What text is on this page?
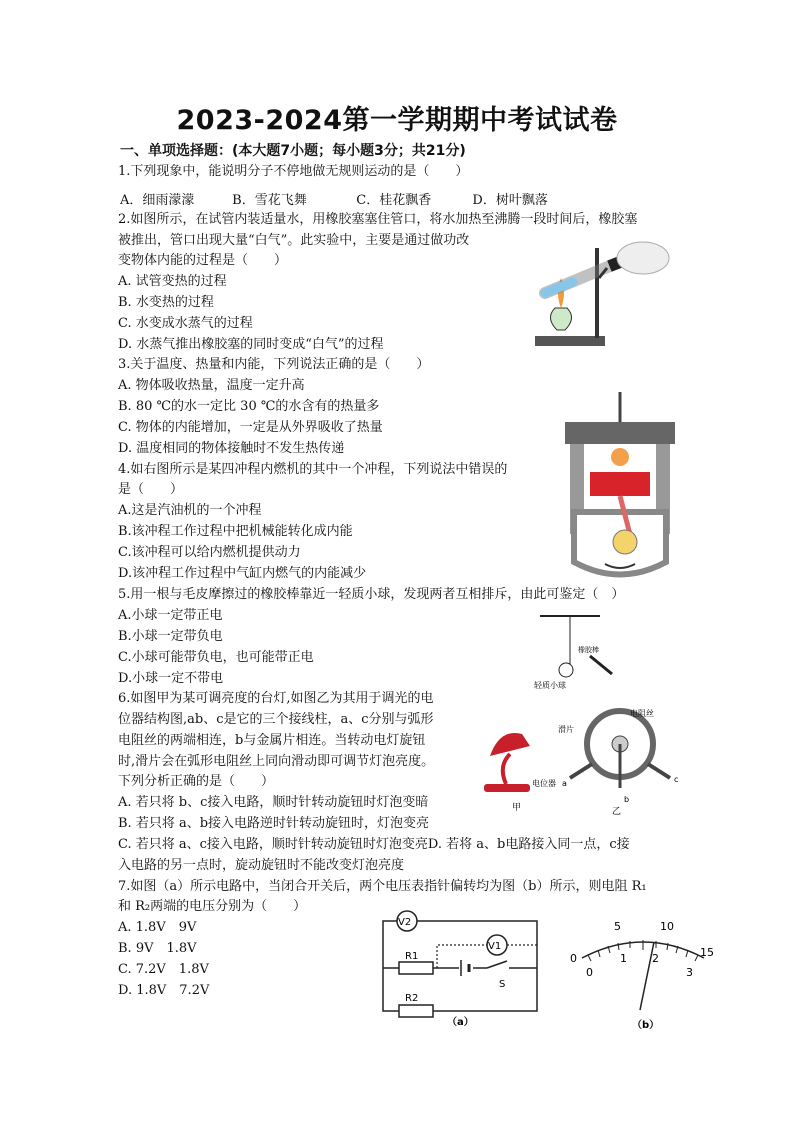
2023-2024第一学期期中考试试卷
一、单项选择题：(本大题7小题；每小题3分；共21分)
1.下列现象中，能说明分子不停地做无规则运动的是（　　）
A．细雨濛濛	B．雪花飞舞	C．桂花飘香	D．树叶飘落
2.如图所示，在试管内装适量水，用橡胶塞塞住管口，将水加热至沸腾一段时间后，橡胶塞
被推出，管口出现大量“白气”。此实验中，主要是通过做功改
变物体内能的过程是（　　）
A. 试管变热的过程
B. 水变热的过程
C. 水变成水蒸气的过程
D. 水蒸气推出橡胶塞的同时变成“白气”的过程
3.关于温度、热量和内能，下列说法正确的是（　　）
A. 物体吸收热量，温度一定升高
B. 80 ℃的水一定比 30 ℃的水含有的热量多
C. 物体的内能增加，一定是从外界吸收了热量
D. 温度相同的物体接触时不发生热传递
4.如右图所示是某四冲程内燃机的其中一个冲程，下列说法中错误的
是（　　）
A.这是汽油机的一个冲程
B.该冲程工作过程中把机械能转化成内能
C.该冲程可以给内燃机提供动力
D.该冲程工作过程中气缸内燃气的内能减少
5.用一根与毛皮摩擦过的橡胶棒靠近一轻质小球，发现两者互相排斥，由此可鉴定（　）
A.小球一定带正电
B.小球一定带负电
C.小球可能带负电，也可能带正电
D.小球一定不带电
6.如图甲为某可调亮度的台灯,如图乙为其用于调光的电
位器结构图,ab、c是它的三个接线柱，a、c分别与弧形
电阻丝的两端相连，b与金属片相连。当转动电灯旋钮
时,滑片会在弧形电阻丝上同向滑动即可调节灯泡亮度。
下列分析正确的是（　　）
A. 若只将 b、c接入电路，顺时针转动旋钮时灯泡变暗
B. 若只将 a、b接入电路逆时针转动旋钮时，灯泡变亮
C. 若只将 a、c接入电路，顺时针转动旋钮时灯泡变亮D. 若将 a、b电路接入同一点，c接
入电路的另一点时，旋动旋钮时不能改变灯泡亮度
7.如图（a）所示电路中，当闭合开关后，两个电压表指针偏转均为图（b）所示，则电阻 R₁
和 R₂两端的电压分别为（　　）
A. 1.8V　9V
B. 9V　1.8V
C. 7.2V　1.8V
D. 1.8V　7.2V
轻质小球
橡胶棒
电位器
甲
电阻丝
滑片
a
b
c
乙
V2
V1
R1
S
R2
（a）
0
5	10
15
0
1 2
3
（b）
